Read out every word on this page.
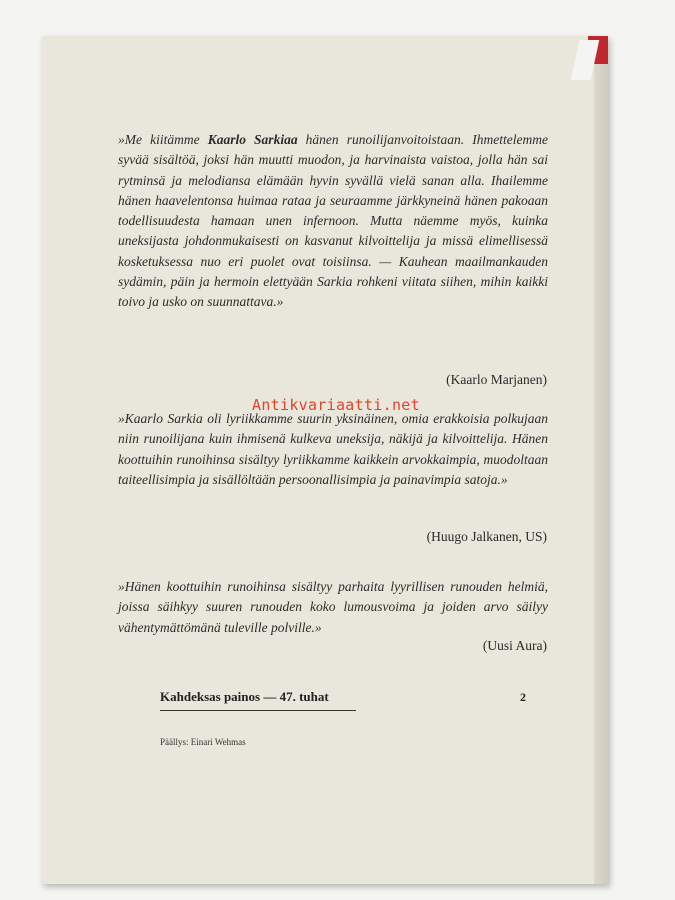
»Me kiitämme Kaarlo Sarkiaa hänen runoilijanvoitoistaan. Ihmettelemme syvää sisältöä, joksi hän muutti muodon, ja harvinaista vaistoa, jolla hän sai rytminsä ja melodiansa elämään hyvin syvällä vielä sanan alla. Ihailemme hänen haavelentonsa huimaa rataa ja seuraamme järkkyneinä hänen pakoaan todellisuudesta hamaan unen infernoon. Mutta näemme myös, kuinka uneksijasta johdonmukaisesti on kasvanut kilvoittelija ja missä elimellisessä kosketuksessa nuo eri puolet ovat toisiinsa. — Kauhean maailmankauden sydämin, päin ja hermoin elettyään Sarkia rohkeni viitata siihen, mihin kaikki toivo ja usko on suunnattava.»
(Kaarlo Marjanen)
»Kaarlo Sarkia oli lyriikkamme suurin yksinäinen, omia erakkoisia polkujaan niin runoilijana kuin ihmisenä kulkeva uneksija, näkijä ja kilvoittelija. Hänen koottuihin runoihinsa sisältyy lyriikkamme kaikkein arvokkaimpia, muodoltaan taiteellisimpia ja sisällöltään persoonallisimpia ja painavimpia satoja.»
(Huugo Jalkanen, US)
»Hänen koottuihin runoihinsa sisältyy parhaita lyyrillisen runouden helmiä, joissa säihkyy suuren runouden koko lumousvoima ja joiden arvo säilyy vähentymättömänä tuleville polville.»
(Uusi Aura)
Kahdeksas painos — 47. tuhat	2
Päällys: Einari Wehmas
Antikvariaatti.net
